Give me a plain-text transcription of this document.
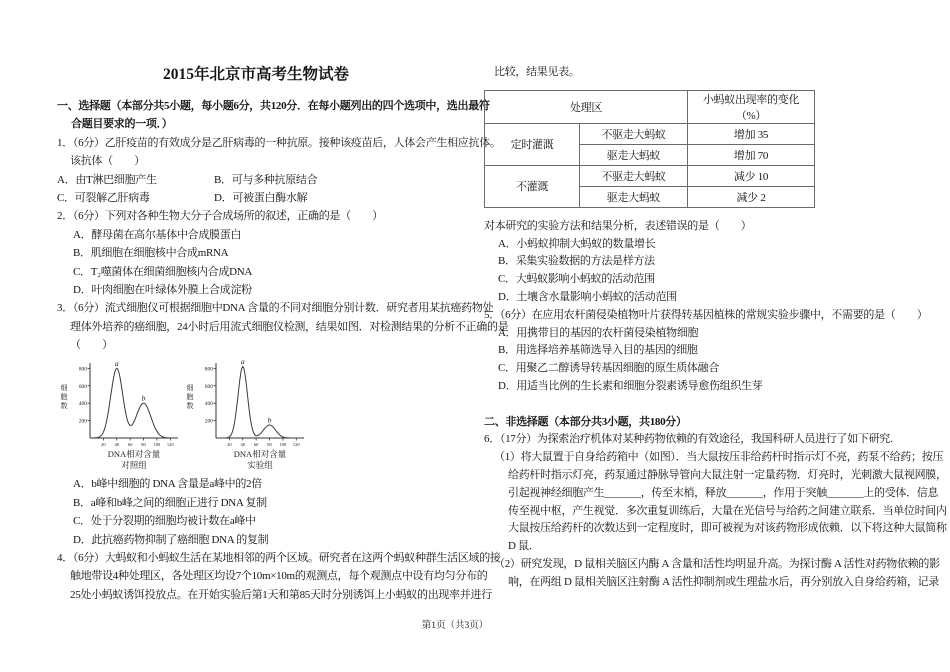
2015年北京市高考生物试卷
一、选择题（本部分共5小题，每小题6分，共120分．在每小题列出的四个选项中，选出最符
合题目要求的一项．）
1．（6分）乙肝疫苗的有效成分是乙肝病毒的一种抗原。接种该疫苗后，人体会产生相应抗体。
该抗体（　　）
A．由T淋巴细胞产生	B．可与多种抗原结合
C．可裂解乙肝病毒	D．可被蛋白酶水解
2．（6分）下列对各种生物大分子合成场所的叙述，正确的是（　　）
A．酵母菌在高尔基体中合成膜蛋白
B．肌细胞在细胞核中合成mRNA
C．T₂噬菌体在细菌细胞核内合成DNA
D．叶肉细胞在叶绿体外膜上合成淀粉
3．（6分）流式细胞仪可根据细胞中DNA 含量的不同对细胞分别计数．研究者用某抗癌药物处
理体外培养的癌细胞，24小时后用流式细胞仪检测，结果如图．对检测结果的分析不正确的是
（　　）
200
400
600
800
20 40 60 80 100 120
细
胞
数
a
b
DNA相对含量
对照组
200
400
600
800
20 40 60 80 100 120
细
胞
数
a
b
DNA相对含量
实验组
A．b峰中细胞的 DNA 含量是a峰中的2倍
B．a峰和b峰之间的细胞正进行 DNA 复制
C．处于分裂期的细胞均被计数在a峰中
D．此抗癌药物抑制了癌细胞 DNA 的复制
4．（6分）大蚂蚁和小蚂蚁生活在某地相邻的两个区域。研究者在这两个蚂蚁种群生活区域的接
触地带设4种处理区，各处理区均设7个10m×10m的观测点，每个观测点中设有均匀分布的
25处小蚂蚁诱饵投放点。在开始实验后第1天和第85天时分别诱饵上小蚂蚁的出现率并进行
比较，结果见表。
处理区		小蚂蚁出现率的变化（%）
定时灌溉	不驱走大蚂蚁	增加 35
	驱走大蚂蚁	增加 70
不灌溉	不驱走大蚂蚁	减少 10
	驱走大蚂蚁	减少 2
对本研究的实验方法和结果分析，表述错误的是（　　）
A．小蚂蚁抑制大蚂蚁的数量增长
B．采集实验数据的方法是样方法
C．大蚂蚁影响小蚂蚁的活动范围
D．土壤含水量影响小蚂蚁的活动范围
5．（6分）在应用农杆菌侵染植物叶片获得转基因植株的常规实验步骤中，不需要的是（　　）
A．用携带目的基因的农杆菌侵染植物细胞
B．用选择培养基筛选导入目的基因的细胞
C．用聚乙二醇诱导转基因细胞的原生质体融合
D．用适当比例的生长素和细胞分裂素诱导愈伤组织生芽

二、非选择题（本部分共3小题，共180分）
6．（17分）为探索治疗机体对某种药物依赖的有效途径，我国科研人员进行了如下研究.
（1）将大鼠置于自身给药箱中（如图）．当大鼠按压非给药杆时指示灯不亮，药泵不给药；按压
给药杆时指示灯亮，药泵通过静脉导管向大鼠注射一定量药物．灯亮时，光刺激大鼠视网膜，
引起视神经细胞产生_______，传至末梢，释放_______，作用于突触_______上的受体．信息
传至视中枢，产生视觉．多次重复训练后，大量在光信号与给药之间建立联系．当单位时间内
大鼠按压给药杆的次数达到一定程度时，即可被视为对该药物形成依赖．以下将这种大鼠简称
D 鼠．
（2）研究发现，D 鼠相关脑区内酶 A 含量和活性均明显升高。为探讨酶 A 活性对药物依赖的影
响，在两组 D 鼠相关脑区注射酶 A 活性抑制剂或生理盐水后，再分别放入自身给药箱，记录
第1页（共3页）
